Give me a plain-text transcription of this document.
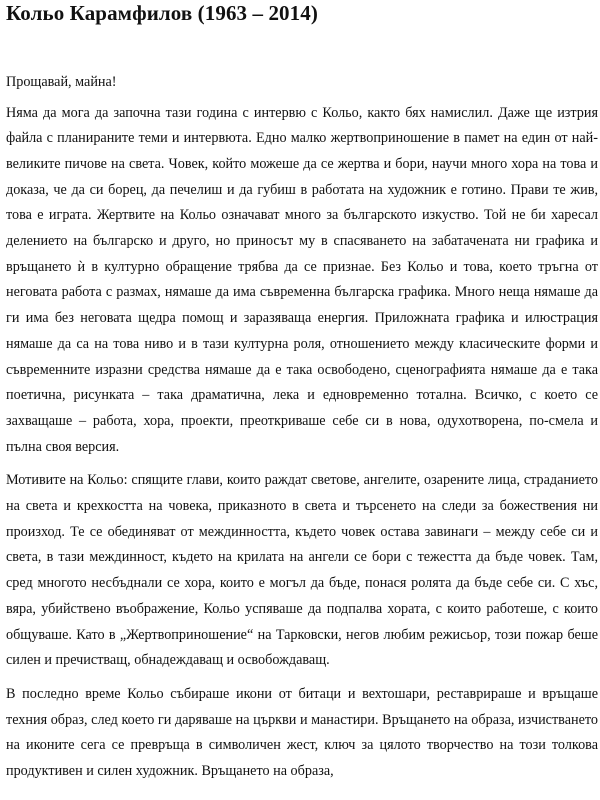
Кольо Карамфилов (1963 – 2014)

Прощавай, майна!

Няма да мога да започна тази година с интервю с Кольо, както бях намислил. Даже ще изтрия файла с планираните теми и интервюта. Едно малко жертвоприношение в памет на един от най-великите пичове на света. Човек, който можеше да се жертва и бори, научи много хора на това и доказа, че да си борец, да печелиш и да губиш в работата на художник е готино. Прави те жив, това е играта. Жертвите на Кольо означават много за българското изкуство. Той не би харесал делението на българско и друго, но приносът му в спасяването на забатачената ни графика и връщането ѝ в културно обращение трябва да се признае. Без Кольо и това, което тръгна от неговата работа с размах, нямаше да има съвременна българска графика. Много неща нямаше да ги има без неговата щедра помощ и заразяваща енергия. Приложната графика и илюстрация нямаше да са на това ниво и в тази културна роля, отношението между класическите форми и съвременните изразни средства нямаше да е така освободено, сценографията нямаше да е така поетична, рисунката – така драматична, лека и едновременно тотална. Всичко, с което се захващаше – работа, хора, проекти, преоткриваше себе си в нова, одухотворена, по-смела и пълна своя версия.

Мотивите на Кольо: спящите глави, които раждат светове, ангелите, озарените лица, страданието на света и крехкостта на човека, приказното в света и търсенето на следи за божествения ни произход. Те се обединяват от междинността, където човек остава завинаги – между себе си и света, в тази междинност, където на крилата на ангели се бори с тежестта да бъде човек. Там, сред многото несбъднали се хора, които е могъл да бъде, понася ролята да бъде себе си. С хъс, вяра, убийствено въображение, Кольо успяваше да подпалва хората, с които работеше, с които общуваше. Като в „Жертвоприношение“ на Тарковски, негов любим режисьор, този пожар беше силен и пречистващ, обнадеждаващ и освобождаващ.

В последно време Кольо събираше икони от битаци и вехтошари, реставрираше и връщаше техния образ, след което ги даряваше на църкви и манастири. Връщането на образа, изчистването на иконите сега се превръща в символичен жест, ключ за цялото творчество на този толкова продуктивен и силен художник. Връщането на образа,
